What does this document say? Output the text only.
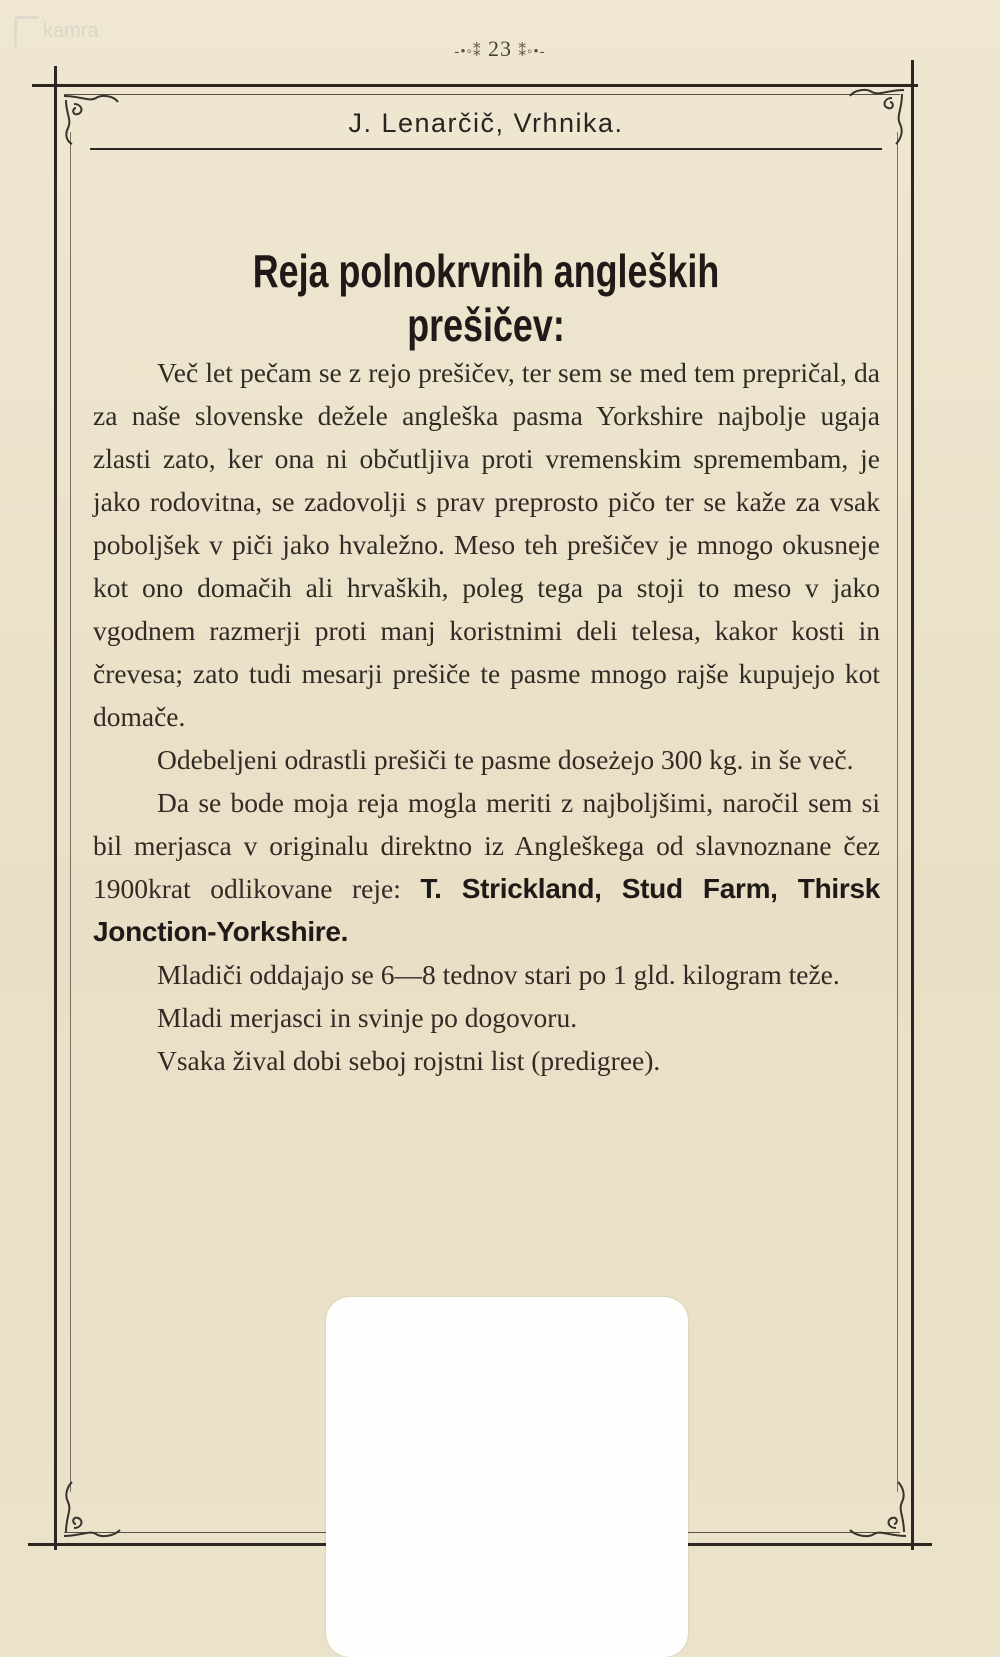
kamra
-•◦⁑ 23 ⁑◦•-
J. Lenarčič, Vrhnika.
Reja polnokrvnih angleških prešičev:

Več let pečam se z rejo prešičev, ter sem se med tem prepričal, da za naše slovenske dežele angleška pasma Yorkshire najbolje ugaja zlasti zato, ker ona ni občutljiva proti vremenskim spremembam, je jako rodovitna, se zadovolji s prav preprosto pičo ter se kaže za vsak poboljšek v piči jako hvaležno. Meso teh prešičev je mnogo okusneje kot ono domačih ali hrvaških, poleg tega pa stoji to meso v jako vgodnem razmerji proti manj koristnimi deli telesa, kakor kosti in črevesa; zato tudi mesarji prešiče te pasme mnogo rajše kupujejo kot domače.

Odebeljeni odrastli prešiči te pasme doseżejo 300 kg. in še več.

Da se bode moja reja mogla meriti z najboljšimi, naročil sem si bil merjasca v originalu direktno iz Angleškega od slavnoznane čez 1900krat odlikovane reje: T. Strickland, Stud Farm, Thirsk Jonction-Yorkshire.

Mladiči oddajajo se 6—8 tednov stari po 1 gld. kilogram teže.

Mladi merjasci in svinje po dogovoru.

Vsaka žival dobi seboj rojstni list (predigree).
